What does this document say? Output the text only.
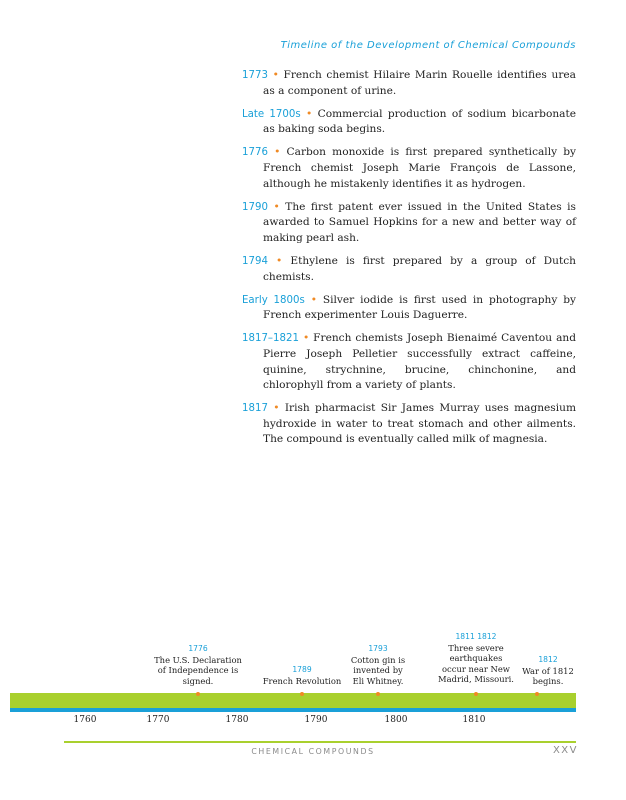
Timeline of the Development of Chemical Compounds

1773 • French chemist Hilaire Marin Rouelle identifies urea as a component of urine.

Late 1700s • Commercial production of sodium bicarbonate as baking soda begins.

1776 • Carbon monoxide is first prepared synthetically by French chemist Joseph Marie François de Lassone, although he mistakenly identifies it as hydrogen.

1790 • The first patent ever issued in the United States is awarded to Samuel Hopkins for a new and better way of making pearl ash.

1794 • Ethylene is first prepared by a group of Dutch chemists.

Early 1800s • Silver iodide is first used in photography by French experimenter Louis Daguerre.

1817–1821 • French chemists Joseph Bienaimé Caventou and Pierre Joseph Pelletier successfully extract caffeine, quinine, strychnine, brucine, chinchonine, and chlorophyll from a variety of plants.

1817 • Irish pharmacist Sir James Murray uses magnesium hydroxide in water to treat stomach and other ailments. The compound is eventually called milk of magnesia.

1776
The U.S. Declaration
of Independence is
signed.
1789
French Revolution
1793
Cotton gin is
invented by
Eli Whitney.
1811 1812
Three severe
earthquakes
occur near New
Madrid, Missouri.
1812
War of 1812
begins.
1760	1770	1780	1790	1800	1810
CHEMICAL COMPOUNDS	XXV
